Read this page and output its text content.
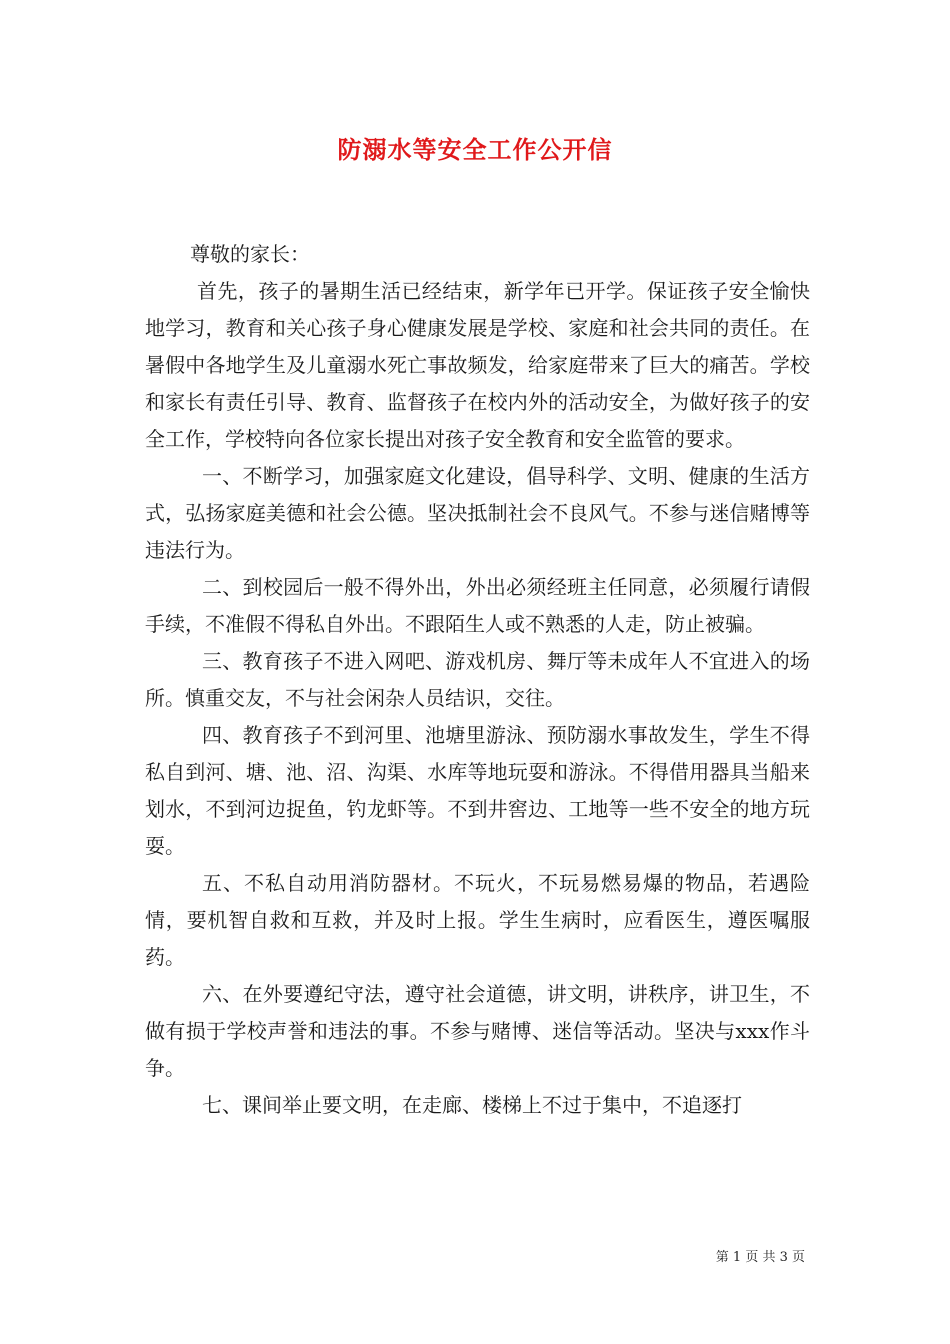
防溺水等安全工作公开信

尊敬的家长：

首先，孩子的暑期生活已经结束，新学年已开学。保证孩子安全愉快地学习，教育和关心孩子身心健康发展是学校、家庭和社会共同的责任。在暑假中各地学生及儿童溺水死亡事故频发，给家庭带来了巨大的痛苦。学校和家长有责任引导、教育、监督孩子在校内外的活动安全，为做好孩子的安全工作，学校特向各位家长提出对孩子安全教育和安全监管的要求。

一、不断学习，加强家庭文化建设，倡导科学、文明、健康的生活方式，弘扬家庭美德和社会公德。坚决抵制社会不良风气。不参与迷信赌博等违法行为。

二、到校园后一般不得外出，外出必须经班主任同意，必须履行请假手续，不准假不得私自外出。不跟陌生人或不熟悉的人走，防止被骗。

三、教育孩子不进入网吧、游戏机房、舞厅等未成年人不宜进入的场所。慎重交友，不与社会闲杂人员结识，交往。

四、教育孩子不到河里、池塘里游泳、预防溺水事故发生，学生不得私自到河、塘、池、沼、沟渠、水库等地玩耍和游泳。不得借用器具当船来划水，不到河边捉鱼，钓龙虾等。不到井窖边、工地等一些不安全的地方玩耍。

五、不私自动用消防器材。不玩火，不玩易燃易爆的物品，若遇险情，要机智自救和互救，并及时上报。学生生病时，应看医生，遵医嘱服药。

六、在外要遵纪守法，遵守社会道德，讲文明，讲秩序，讲卫生，不做有损于学校声誉和违法的事。不参与赌博、迷信等活动。坚决与xxx作斗争。

七、课间举止要文明，在走廊、楼梯上不过于集中，不追逐打

第 1 页 共 3 页
